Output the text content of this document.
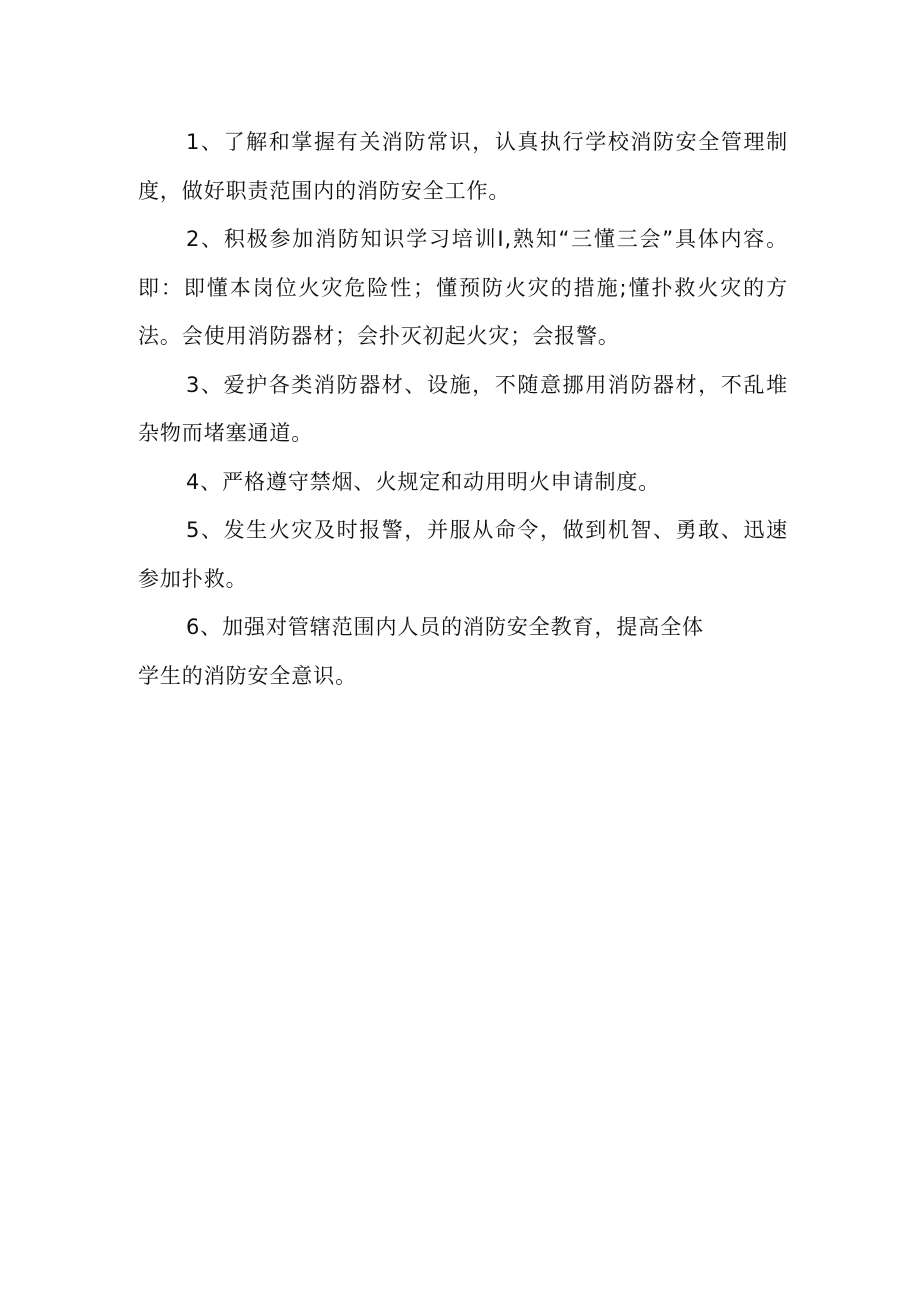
1、了解和掌握有关消防常识，认真执行学校消防安全管理制度，做好职责范围内的消防安全工作。

2、积极参加消防知识学习培训I,熟知“三懂三会”具体内容。即：即懂本岗位火灾危险性；懂预防火灾的措施;懂扑救火灾的方法。会使用消防器材；会扑灭初起火灾；会报警。

3、爱护各类消防器材、设施，不随意挪用消防器材，不乱堆杂物而堵塞通道。

4、严格遵守禁烟、火规定和动用明火申请制度。

5、发生火灾及时报警，并服从命令，做到机智、勇敢、迅速参加扑救。

6、加强对管辖范围内人员的消防安全教育，提高全体
学生的消防安全意识。
